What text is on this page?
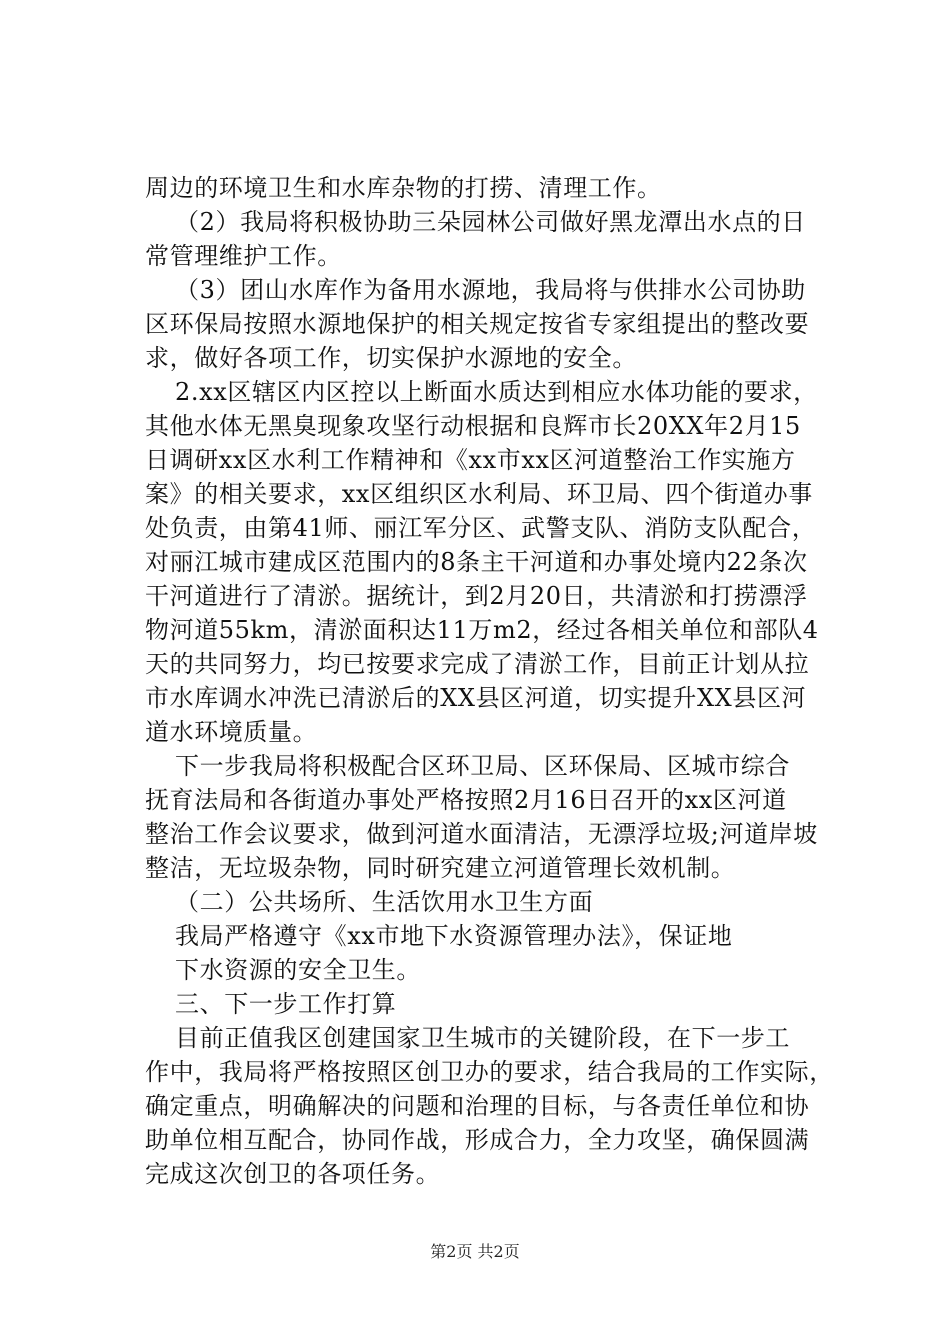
周边的环境卫生和水库杂物的打捞、清理工作。
（2）我局将积极协助三朵园林公司做好黑龙潭出水点的日
常管理维护工作。
（3）团山水库作为备用水源地，我局将与供排水公司协助
区环保局按照水源地保护的相关规定按省专家组提出的整改要
求，做好各项工作，切实保护水源地的安全。
2.xx区辖区内区控以上断面水质达到相应水体功能的要求，
其他水体无黑臭现象攻坚行动根据和良辉市长20XX年2月15
日调研xx区水利工作精神和《xx市xx区河道整治工作实施方
案》的相关要求，xx区组织区水利局、环卫局、四个街道办事
处负责，由第41师、丽江军分区、武警支队、消防支队配合，
对丽江城市建成区范围内的8条主干河道和办事处境内22条次
干河道进行了清淤。据统计，到2月20日，共清淤和打捞漂浮
物河道55km，清淤面积达11万m2，经过各相关单位和部队4
天的共同努力，均已按要求完成了清淤工作，目前正计划从拉
市水库调水冲洗已清淤后的XX县区河道，切实提升XX县区河
道水环境质量。
下一步我局将积极配合区环卫局、区环保局、区城市综合
抚育法局和各街道办事处严格按照2月16日召开的xx区河道
整治工作会议要求，做到河道水面清洁，无漂浮垃圾;河道岸坡
整洁，无垃圾杂物，同时研究建立河道管理长效机制。
（二）公共场所、生活饮用水卫生方面
我局严格遵守《xx市地下水资源管理办法》，保证地
下水资源的安全卫生。
三、下一步工作打算
目前正值我区创建国家卫生城市的关键阶段，在下一步工
作中，我局将严格按照区创卫办的要求，结合我局的工作实际，
确定重点，明确解决的问题和治理的目标，与各责任单位和协
助单位相互配合，协同作战，形成合力，全力攻坚，确保圆满
完成这次创卫的各项任务。
第2页 共2页
